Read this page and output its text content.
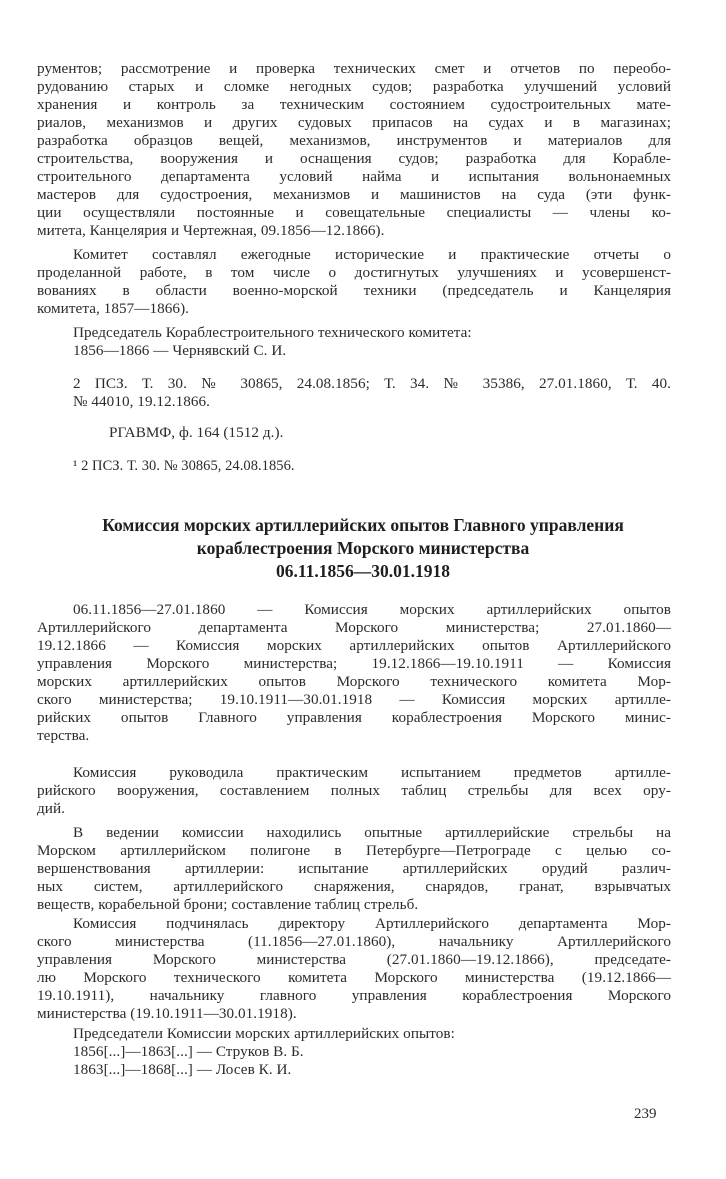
рументов; рассмотрение и проверка технических смет и отчетов по переобо-
рудованию старых и сломке негодных судов; разработка улучшений условий
хранения и контроль за техническим состоянием судостроительных мате-
риалов, механизмов и других судовых припасов на судах и в магазинах;
разработка образцов вещей, механизмов, инструментов и материалов для
строительства, вооружения и оснащения судов; разработка для Корабле-
строительного департамента условий найма и испытания вольнонаемных
мастеров для судостроения, механизмов и машинистов на суда (эти функ-
ции осуществляли постоянные и совещательные специалисты — члены ко-
митета, Канцелярия и Чертежная, 09.1856—12.1866).
Комитет составлял ежегодные исторические и практические отчеты о
проделанной работе, в том числе о достигнутых улучшениях и усовершенст-
вованиях в области военно-морской техники (председатель и Канцелярия
комитета, 1857—1866).
Председатель Кораблестроительного технического комитета:
1856—1866 — Чернявский С. И.
2 ПСЗ. Т. 30. № 30865, 24.08.1856; Т. 34. № 35386, 27.01.1860, Т. 40.
№ 44010, 19.12.1866.
РГАВМФ, ф. 164 (1512 д.).
¹ 2 ПСЗ. Т. 30. № 30865, 24.08.1856.
Комиссия морских артиллерийских опытов Главного управления
кораблестроения Морского министерства
06.11.1856—30.01.1918
06.11.1856—27.01.1860 — Комиссия морских артиллерийских опытов
Артиллерийского департамента Морского министерства; 27.01.1860—
19.12.1866 — Комиссия морских артиллерийских опытов Артиллерийского
управления Морского министерства; 19.12.1866—19.10.1911 — Комиссия
морских артиллерийских опытов Морского технического комитета Мор-
ского министерства; 19.10.1911—30.01.1918 — Комиссия морских артилле-
рийских опытов Главного управления кораблестроения Морского минис-
терства.
Комиссия руководила практическим испытанием предметов артилле-
рийского вооружения, составлением полных таблиц стрельбы для всех ору-
дий.
В ведении комиссии находились опытные артиллерийские стрельбы на
Морском артиллерийском полигоне в Петербурге—Петрограде с целью со-
вершенствования артиллерии: испытание артиллерийских орудий различ-
ных систем, артиллерийского снаряжения, снарядов, гранат, взрывчатых
веществ, корабельной брони; составление таблиц стрельб.
Комиссия подчинялась директору Артиллерийского департамента Мор-
ского министерства (11.1856—27.01.1860), начальнику Артиллерийского
управления Морского министерства (27.01.1860—19.12.1866), председате-
лю Морского технического комитета Морского министерства (19.12.1866—
19.10.1911), начальнику главного управления кораблестроения Морского
министерства (19.10.1911—30.01.1918).
Председатели Комиссии морских артиллерийских опытов:
1856[...]—1863[...] — Струков В. Б.
1863[...]—1868[...] — Лосев К. И.
239
